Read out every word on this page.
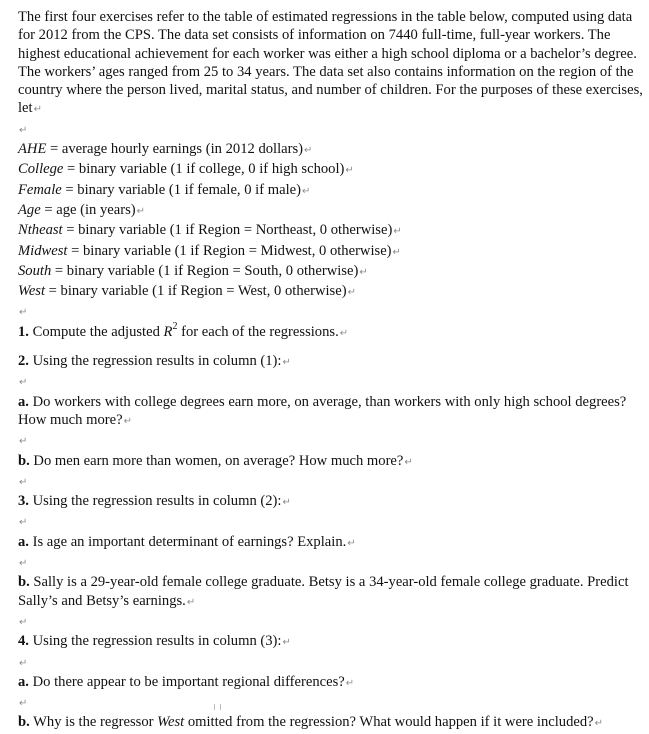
The first four exercises refer to the table of estimated regressions in the table below, computed using data for 2012 from the CPS. The data set consists of information on 7440 full-time, full-year workers. The highest educational achievement for each worker was either a high school diploma or a bachelor’s degree. The workers’ ages ranged from 25 to 34 years. The data set also contains information on the region of the country where the person lived, marital status, and number of children. For the purposes of these exercises, let↵

↵

AHE = average hourly earnings (in 2012 dollars)↵

College = binary variable (1 if college, 0 if high school)↵

Female = binary variable (1 if female, 0 if male)↵

Age = age (in years)↵

Ntheast = binary variable (1 if Region = Northeast, 0 otherwise)↵

Midwest = binary variable (1 if Region = Midwest, 0 otherwise)↵

South = binary variable (1 if Region = South, 0 otherwise)↵

West = binary variable (1 if Region = West, 0 otherwise)↵

↵

1. Compute the adjusted $R^2$ for each of the regressions.↵

2. Using the regression results in column (1):↵

↵

a. Do workers with college degrees earn more, on average, than workers with only high school degrees? How much more?↵

↵

b. Do men earn more than women, on average? How much more?↵

↵

3. Using the regression results in column (2):↵

↵

a. Is age an important determinant of earnings? Explain.↵

↵

b. Sally is a 29-year-old female college graduate. Betsy is a 34-year-old female college graduate. Predict Sally’s and Betsy’s earnings.↵

↵

4. Using the regression results in column (3):↵

↵

a. Do there appear to be important regional differences?↵

↵

b. Why is the regressor West omitted from the regression? What would happen if it were included?↵
